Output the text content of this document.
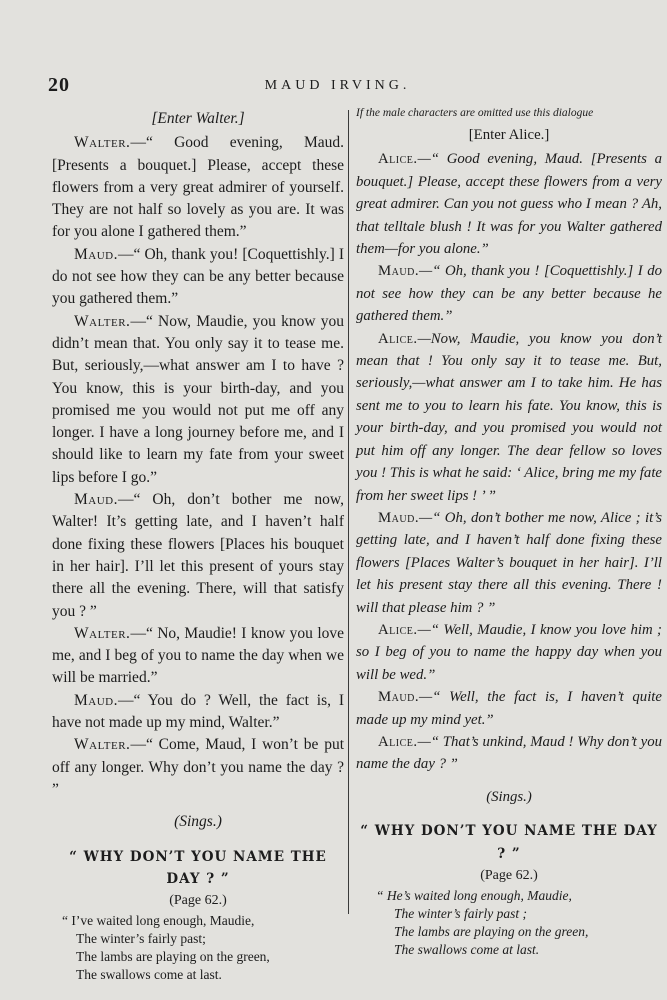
20	MAUD IRVING.

[Enter Walter.]

Walter.—“ Good evening, Maud. [Presents a bouquet.] Please, accept these flowers from a very great admirer of yourself. They are not half so lovely as you are. It was for you alone I gathered them.”

Maud.—“ Oh, thank you! [Coquettishly.] I do not see how they can be any better because you gathered them.”

Walter.—“ Now, Maudie, you know you didn’t mean that. You only say it to tease me. But, seriously,—what answer am I to have ? You know, this is your birth-day, and you promised me you would not put me off any longer. I have a long journey before me, and I should like to learn my fate from your sweet lips before I go.”

Maud.—“ Oh, don’t bother me now, Walter! It’s getting late, and I haven’t half done fixing these flowers [Places his bouquet in her hair]. I’ll let this present of yours stay there all the evening. There, will that satisfy you ? ”

Walter.—“ No, Maudie! I know you love me, and I beg of you to name the day when we will be married.”

Maud.—“ You do ? Well, the fact is, I have not made up my mind, Walter.”

Walter.—“ Come, Maud, I won’t be put off any longer. Why don’t you name the day ? ”

(Sings.)

“ WHY DON’T YOU NAME THE DAY ? ”

(Page 62.)

“ I’ve waited long enough, Maudie,
The winter’s fairly past;
The lambs are playing on the green,
The swallows come at last.

If the male characters are omitted use this dialogue

[Enter Alice.]

Alice.—“ Good evening, Maud. [Presents a bouquet.] Please, accept these flowers from a very great admirer. Can you not guess who I mean ? Ah, that telltale blush ! It was for you Walter gathered them—for you alone.”

Maud.—“ Oh, thank you ! [Coquettishly.] I do not see how they can be any better because he gathered them.”

Alice.—Now, Maudie, you know you don’t mean that ! You only say it to tease me. But, seriously,—what answer am I to take him. He has sent me to you to learn his fate. You know, this is your birth-day, and you promised you would not put him off any longer. The dear fellow so loves you ! This is what he said: ‘ Alice, bring me my fate from her sweet lips ! ’ ”

Maud.—“ Oh, don’t bother me now, Alice ; it’s getting late, and I haven’t half done fixing these flowers [Places Walter’s bouquet in her hair]. I’ll let his present stay there all this evening. There ! will that please him ? ”

Alice.—“ Well, Maudie, I know you love him ; so I beg of you to name the happy day when you will be wed.”

Maud.—“ Well, the fact is, I haven’t quite made up my mind yet.”

Alice.—“ That’s unkind, Maud ! Why don’t you name the day ? ”

(Sings.)

“ WHY DON’T YOU NAME THE DAY ? ”

(Page 62.)

“ He’s waited long enough, Maudie,
The winter’s fairly past ;
The lambs are playing on the green,
The swallows come at last.
